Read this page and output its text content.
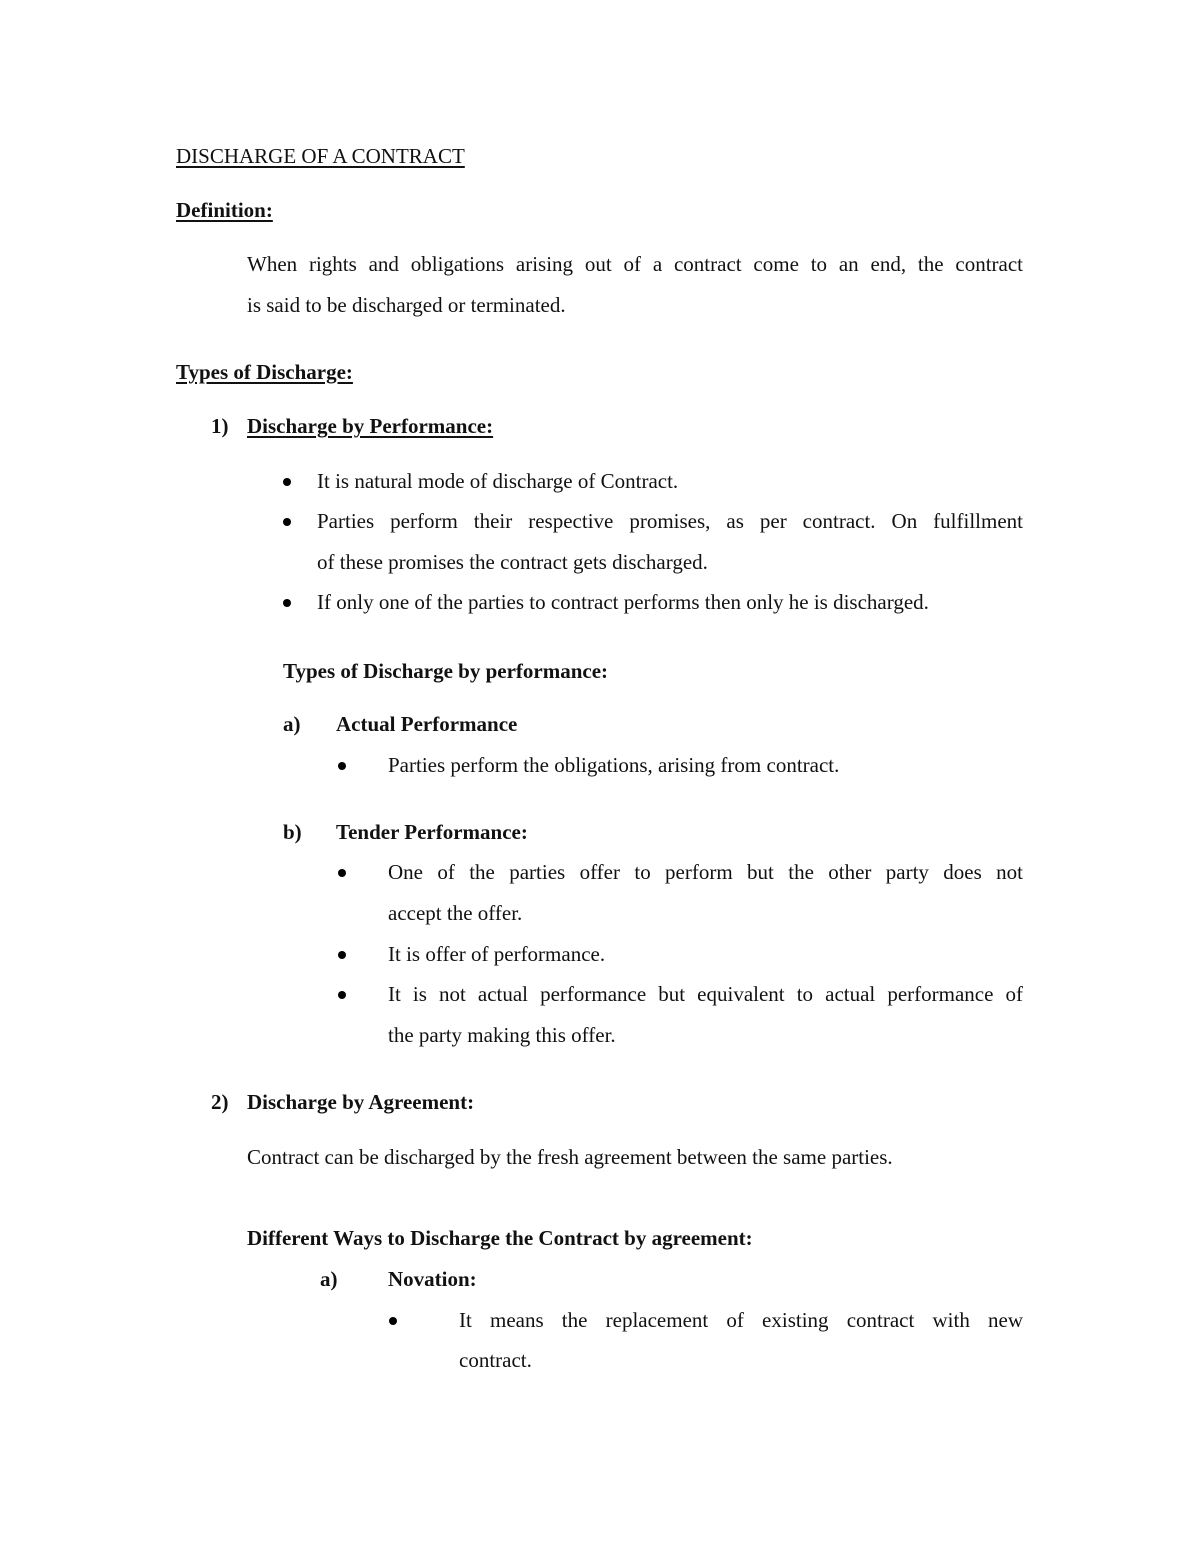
DISCHARGE OF A CONTRACT
Definition:
When rights and obligations arising out of a contract come to an end, the contract
is said to be discharged or terminated.
Types of Discharge:
1) Discharge by Performance:
It is natural mode of discharge of Contract.
Parties perform their respective promises, as per contract. On fulfillment
of these promises the contract gets discharged.
If only one of the parties to contract performs then only he is discharged.
Types of Discharge by performance:
a) Actual Performance
Parties perform the obligations, arising from contract.
b) Tender Performance:
One of the parties offer to perform but the other party does not
accept the offer.
It is offer of performance.
It is not actual performance but equivalent to actual performance of
the party making this offer.
2) Discharge by Agreement:
Contract can be discharged by the fresh agreement between the same parties.
Different Ways to Discharge the Contract by agreement:
a) Novation:
It means the replacement of existing contract with new
contract.
